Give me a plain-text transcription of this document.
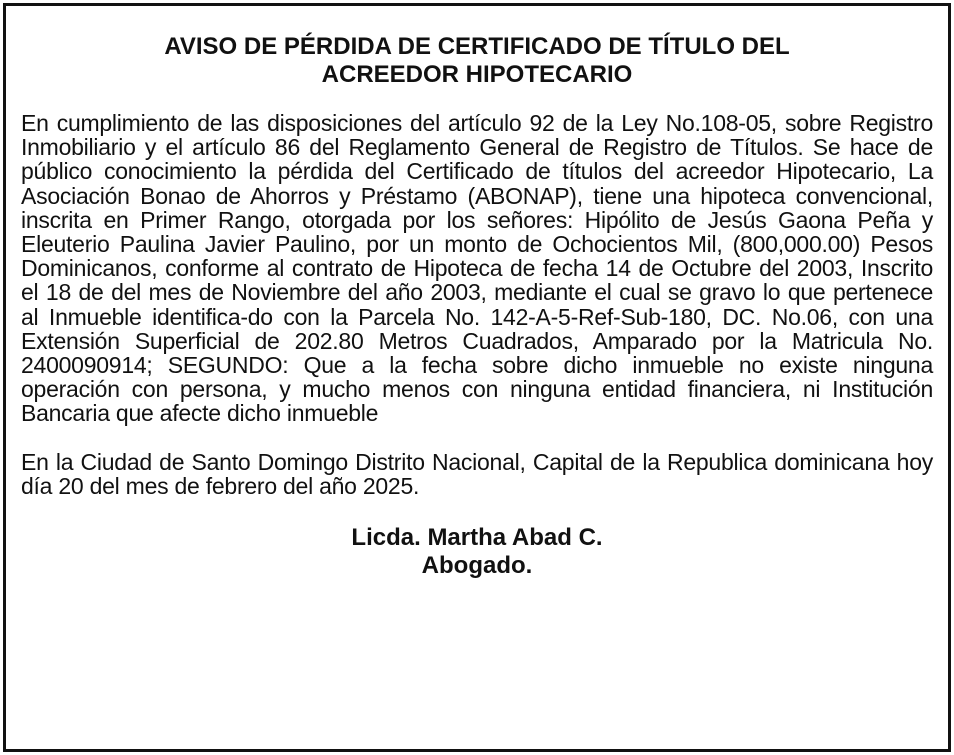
AVISO DE PÉRDIDA DE CERTIFICADO DE TÍTULO DEL
ACREEDOR HIPOTECARIO

En cumplimiento de las disposiciones del artículo 92 de la Ley No.108-05, sobre Registro Inmobiliario y el artículo 86 del Reglamento General de Registro de Títulos. Se hace de público conocimiento la pérdida del Certificado de títulos del acreedor Hipotecario, La Asociación Bonao de Ahorros y Préstamo (ABONAP), tiene una hipoteca convencional, inscrita en Primer Rango, otorgada por los señores: Hipólito de Jesús Gaona Peña y Eleuterio Paulina Javier Paulino, por un monto de Ochocientos Mil, (800,000.00) Pesos Dominicanos, conforme al contrato de Hipoteca de fecha 14 de Octubre del 2003, Inscrito el 18 de del mes de Noviembre del año 2003, mediante el cual se gravo lo que pertenece al Inmueble identifica-do con la Parcela No. 142-A-5-Ref-Sub-180, DC. No.06, con una Extensión Superficial de 202.80 Metros Cuadrados, Amparado por la Matricula No. 2400090914; SEGUNDO: Que a la fecha sobre dicho inmueble no existe ninguna operación con persona, y mucho menos con ninguna entidad financiera, ni Institución Bancaria que afecte dicho inmueble

En la Ciudad de Santo Domingo Distrito Nacional, Capital de la Republica dominicana hoy día 20 del mes de febrero del año 2025.

Licda. Martha Abad C.
Abogado.
